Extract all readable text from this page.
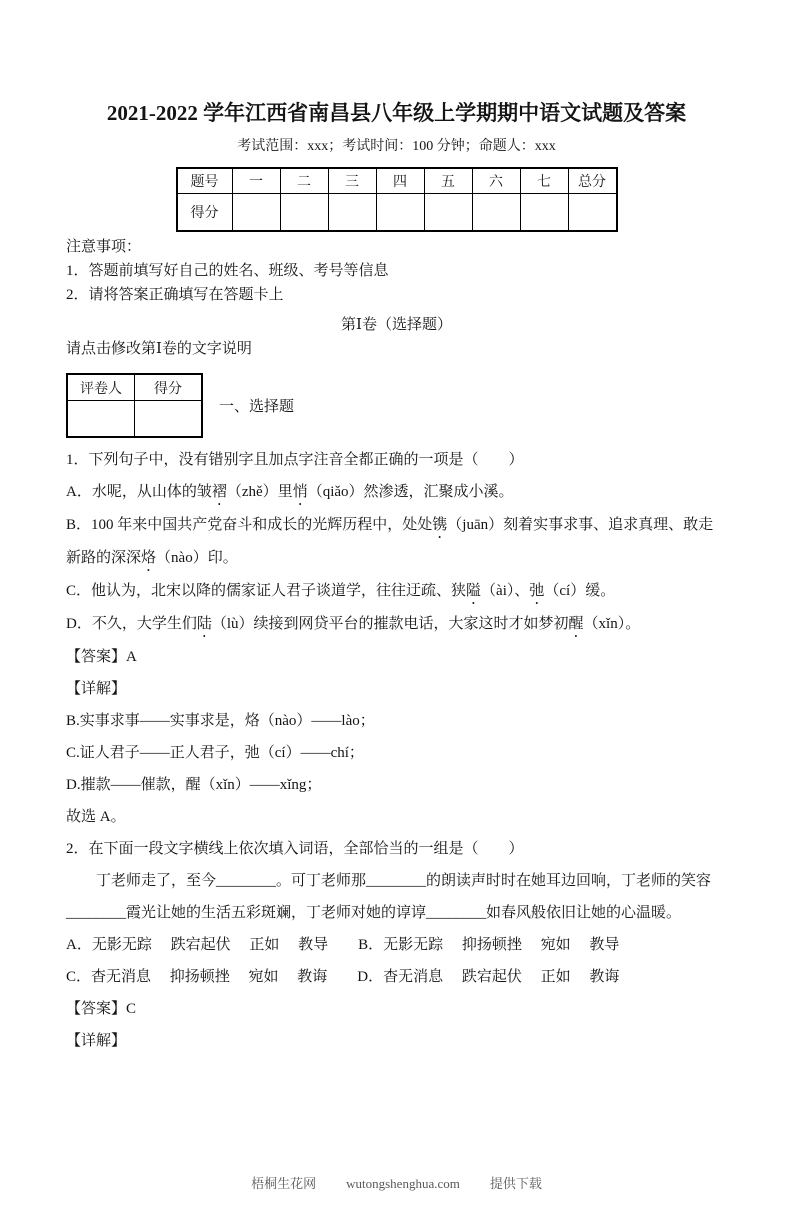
2021-2022 学年江西省南昌县八年级上学期期中语文试题及答案
考试范围：xxx；考试时间：100 分钟；命题人：xxx
题号	一	二	三	四	五	六	七	总分
得分								

注意事项：

1．答题前填写好自己的姓名、班级、考号等信息

2．请将答案正确填写在答题卡上

第Ⅰ卷（选择题）

请点击修改第Ⅰ卷的文字说明

评卷人	得分

一、选择题

1．下列句子中，没有错别字且加点字注音全都正确的一项是（　　）

A．水呢，从山体的皱褶（zhě）里悄（qiǎo）然渗透，汇聚成小溪。

B．100 年来中国共产党奋斗和成长的光辉历程中，处处镌（juān）刻着实事求事、追求真理、敢走新路的深深烙（nào）印。

C．他认为，北宋以降的儒家证人君子谈道学，往往迂疏、狭隘（ài）、弛（cí）缓。

D．不久，大学生们陆（lù）续接到网贷平台的摧款电话，大家这时才如梦初醒（xǐn）。

【答案】A

【详解】

B.实事求事——实事求是，烙（nào）——lào；

C.证人君子——正人君子，弛（cí）——chí；

D.摧款——催款，醒（xǐn）——xǐng；

故选 A。

2．在下面一段文字横线上依次填入词语，全部恰当的一组是（　　）

丁老师走了，至今________。可丁老师那________的朗读声时时在她耳边回响，丁老师的笑容________霞光让她的生活五彩斑斓，丁老师对她的谆谆________如春风般依旧让她的心温暖。

A．无影无踪　 跌宕起伏　 正如　 教导　　B．无影无踪　 抑扬顿挫　 宛如　 教导

C．杳无消息　 抑扬顿挫　 宛如　 教诲　　D．杳无消息　 跌宕起伏　 正如　 教诲

【答案】C

【详解】

梧桐生花网 wutongshenghua.com 提供下载
